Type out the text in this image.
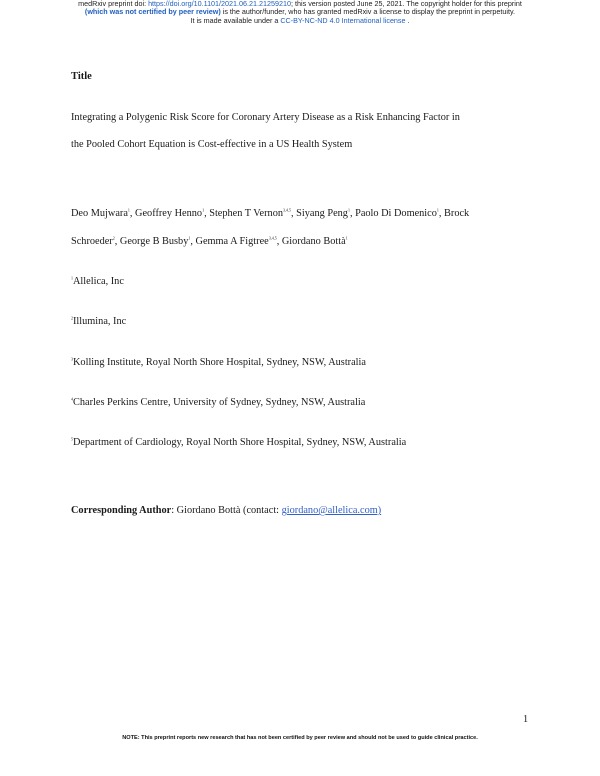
medRxiv preprint doi: https://doi.org/10.1101/2021.06.21.21259210; this version posted June 25, 2021. The copyright holder for this preprint
(which was not certified by peer review) is the author/funder, who has granted medRxiv a license to display the preprint in perpetuity.
It is made available under a CC-BY-NC-ND 4.0 International license .
Title
Integrating a Polygenic Risk Score for Coronary Artery Disease as a Risk Enhancing Factor in
the Pooled Cohort Equation is Cost-effective in a US Health System
Deo Mujwara$^1$, Geoffrey Henno$^1$, Stephen T Vernon$^{3,4,5}$, Siyang Peng$^1$, Paolo Di Domenico$^1$, Brock
Schroeder$^2$, George B Busby$^1$, Gemma A Figtree$^{3,4,5}$, Giordano Bottà$^1$
$^1$Allelica, Inc
$^2$Illumina, Inc
$^3$Kolling Institute, Royal North Shore Hospital, Sydney, NSW, Australia
$^4$Charles Perkins Centre, University of Sydney, Sydney, NSW, Australia
$^5$Department of Cardiology, Royal North Shore Hospital, Sydney, NSW, Australia
Corresponding Author: Giordano Bottà (contact: giordano@allelica.com)
1
NOTE: This preprint reports new research that has not been certified by peer review and should not be used to guide clinical practice.
